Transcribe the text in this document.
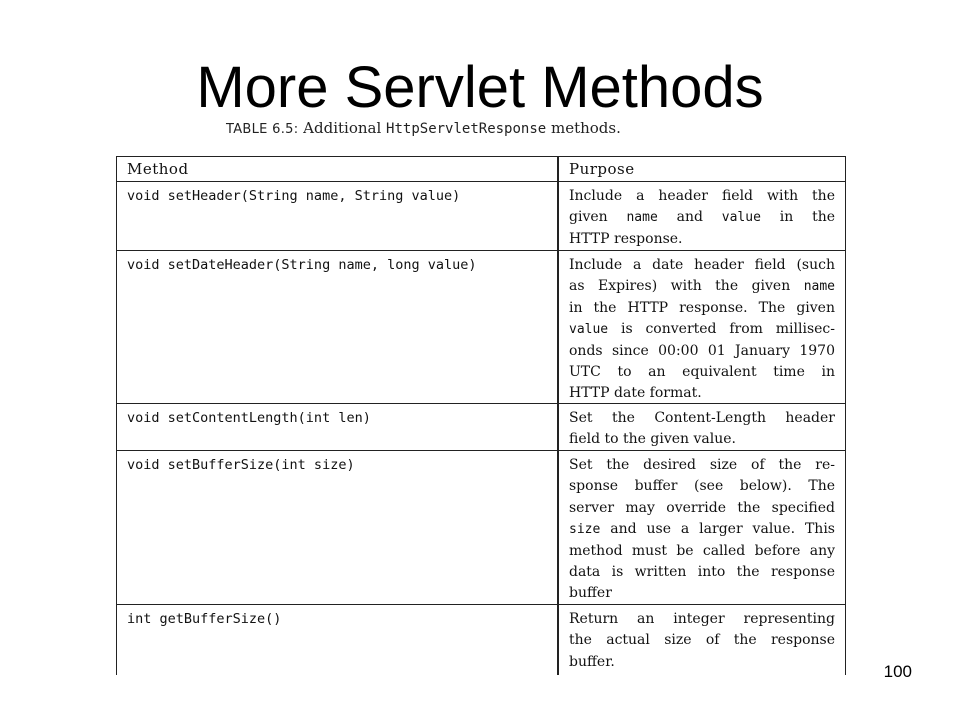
More Servlet Methods
TABLE 6.5: Additional HttpServletResponse methods.
Method	Purpose
void setHeader(String name, String value)	Include a header field with the
given name and value in the
HTTP response.
void setDateHeader(String name, long value)	Include a date header field (such
as Expires) with the given name
in the HTTP response. The given
value is converted from millisec-
onds since 00:00 01 January 1970
UTC to an equivalent time in
HTTP date format.
void setContentLength(int len)	Set the Content-Length header
field to the given value.
void setBufferSize(int size)	Set the desired size of the re-
sponse buffer (see below). The
server may override the specified
size and use a larger value. This
method must be called before any
data is written into the response
buffer
int getBufferSize()	Return an integer representing
the actual size of the response
buffer.
100
